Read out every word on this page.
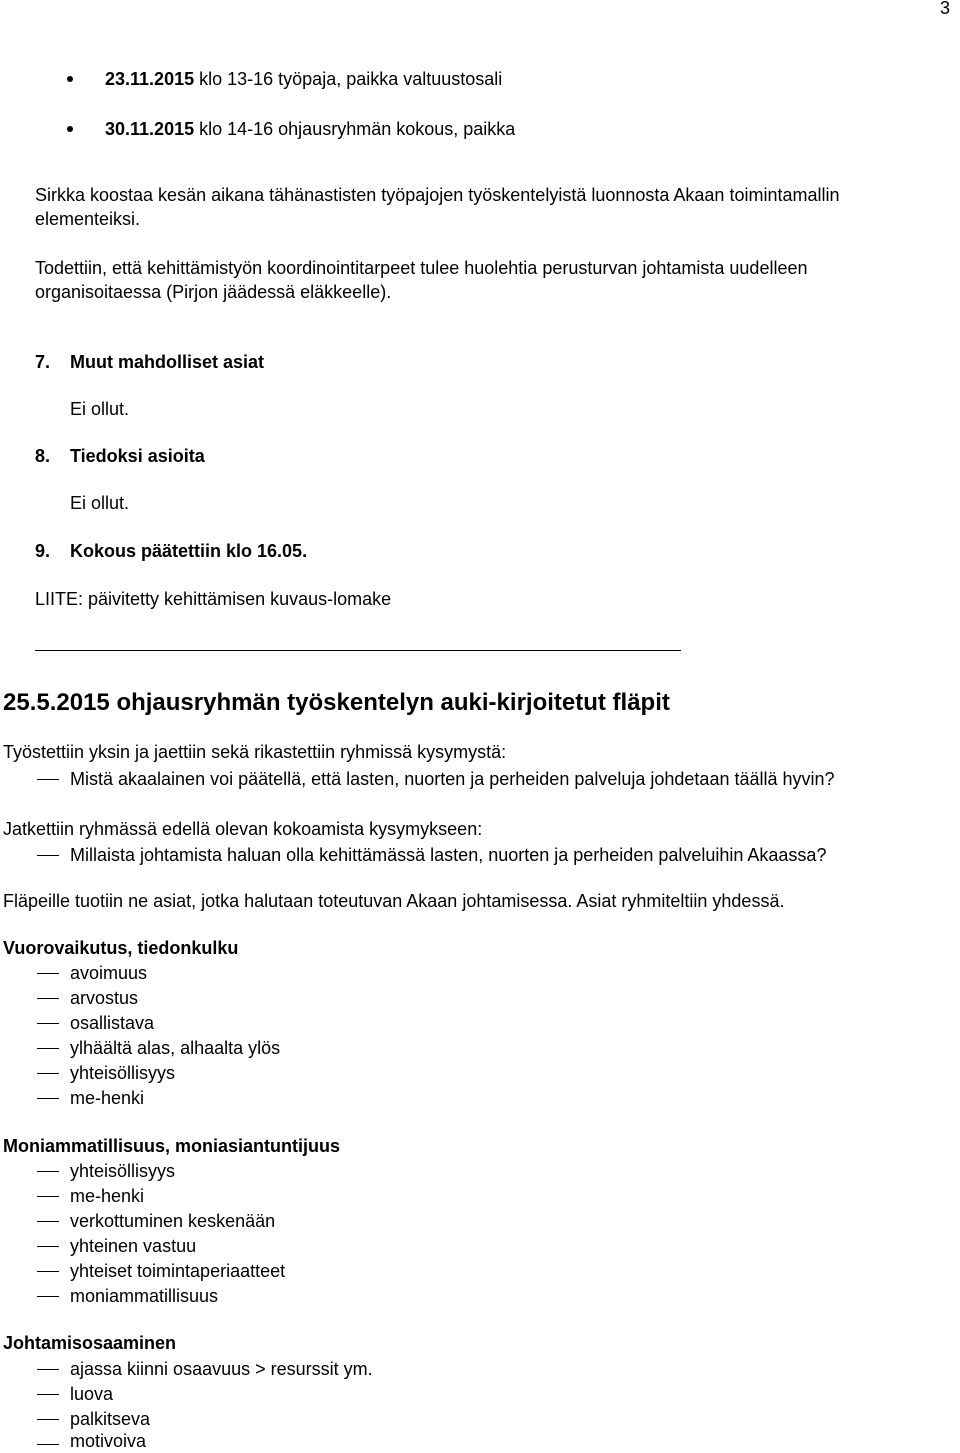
3
23.11.2015 klo 13-16 työpaja, paikka valtuustosali
30.11.2015 klo 14-16 ohjausryhmän kokous, paikka
Sirkka koostaa kesän aikana tähänastisten työpajojen työskentelyistä luonnosta Akaan toimintamallin
elementeiksi.
Todettiin, että kehittämistyön koordinointitarpeet tulee huolehtia perusturvan johtamista uudelleen
organisoitaessa (Pirjon jäädessä eläkkeelle).
7. Muut mahdolliset asiat
Ei ollut.
8. Tiedoksi asioita
Ei ollut.
9. Kokous päätettiin klo 16.05.
LIITE: päivitetty kehittämisen kuvaus-lomake
25.5.2015 ohjausryhmän työskentelyn auki-kirjoitetut fläpit
Työstettiin yksin ja jaettiin sekä rikastettiin ryhmissä kysymystä:
Mistä akaalainen voi päätellä, että lasten, nuorten ja perheiden palveluja johdetaan täällä hyvin?
Jatkettiin ryhmässä edellä olevan kokoamista kysymykseen:
Millaista johtamista haluan olla kehittämässä lasten, nuorten ja perheiden palveluihin Akaassa?
Fläpeille tuotiin ne asiat, jotka halutaan toteutuvan Akaan johtamisessa. Asiat ryhmiteltiin yhdessä.
Vuorovaikutus, tiedonkulku
avoimuus
arvostus
osallistava
ylhäältä alas, alhaalta ylös
yhteisöllisyys
me-henki
Moniammatillisuus, moniasiantuntijuus
yhteisöllisyys
me-henki
verkottuminen keskenään
yhteinen vastuu
yhteiset toimintaperiaatteet
moniammatillisuus
Johtamisosaaminen
ajassa kiinni osaavuus > resurssit ym.
luova
palkitseva
motivoiva
